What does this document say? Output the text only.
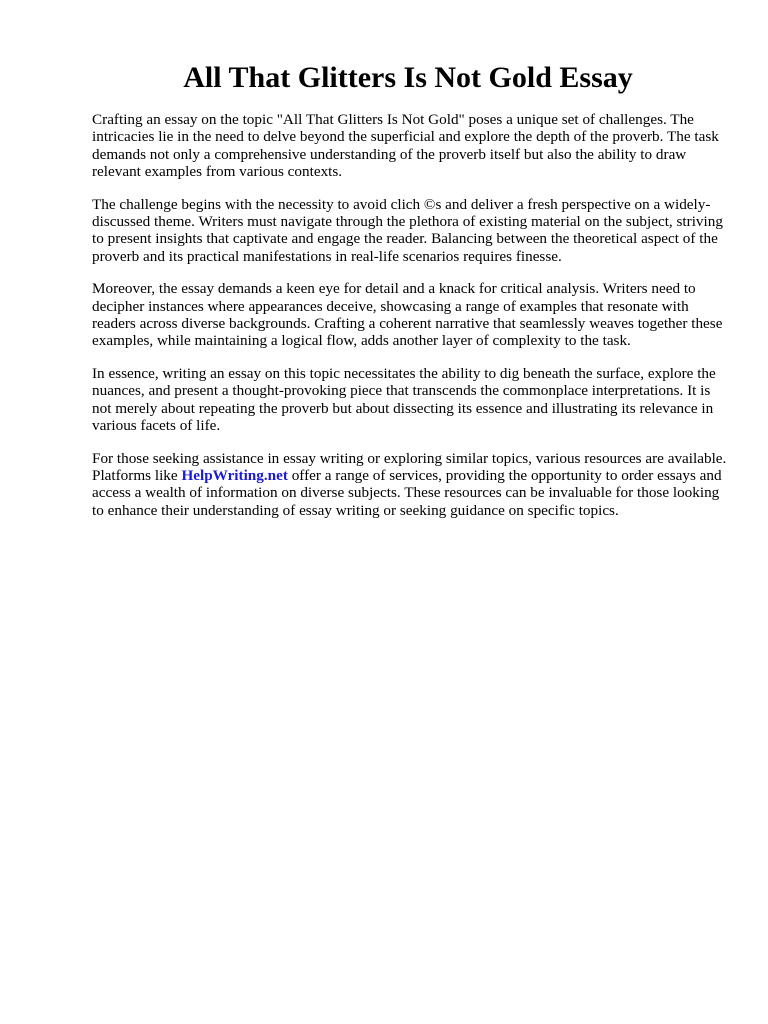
All That Glitters Is Not Gold Essay

Crafting an essay on the topic "All That Glitters Is Not Gold" poses a unique set of challenges. The intricacies lie in the need to delve beyond the superficial and explore the depth of the proverb. The task demands not only a comprehensive understanding of the proverb itself but also the ability to draw relevant examples from various contexts.

The challenge begins with the necessity to avoid clich ©s and deliver a fresh perspective on a widely-discussed theme. Writers must navigate through the plethora of existing material on the subject, striving to present insights that captivate and engage the reader. Balancing between the theoretical aspect of the proverb and its practical manifestations in real-life scenarios requires finesse.

Moreover, the essay demands a keen eye for detail and a knack for critical analysis. Writers need to decipher instances where appearances deceive, showcasing a range of examples that resonate with readers across diverse backgrounds. Crafting a coherent narrative that seamlessly weaves together these examples, while maintaining a logical flow, adds another layer of complexity to the task.

In essence, writing an essay on this topic necessitates the ability to dig beneath the surface, explore the nuances, and present a thought-provoking piece that transcends the commonplace interpretations. It is not merely about repeating the proverb but about dissecting its essence and illustrating its relevance in various facets of life.

For those seeking assistance in essay writing or exploring similar topics, various resources are available. Platforms like HelpWriting.net offer a range of services, providing the opportunity to order essays and access a wealth of information on diverse subjects. These resources can be invaluable for those looking to enhance their understanding of essay writing or seeking guidance on specific topics.
